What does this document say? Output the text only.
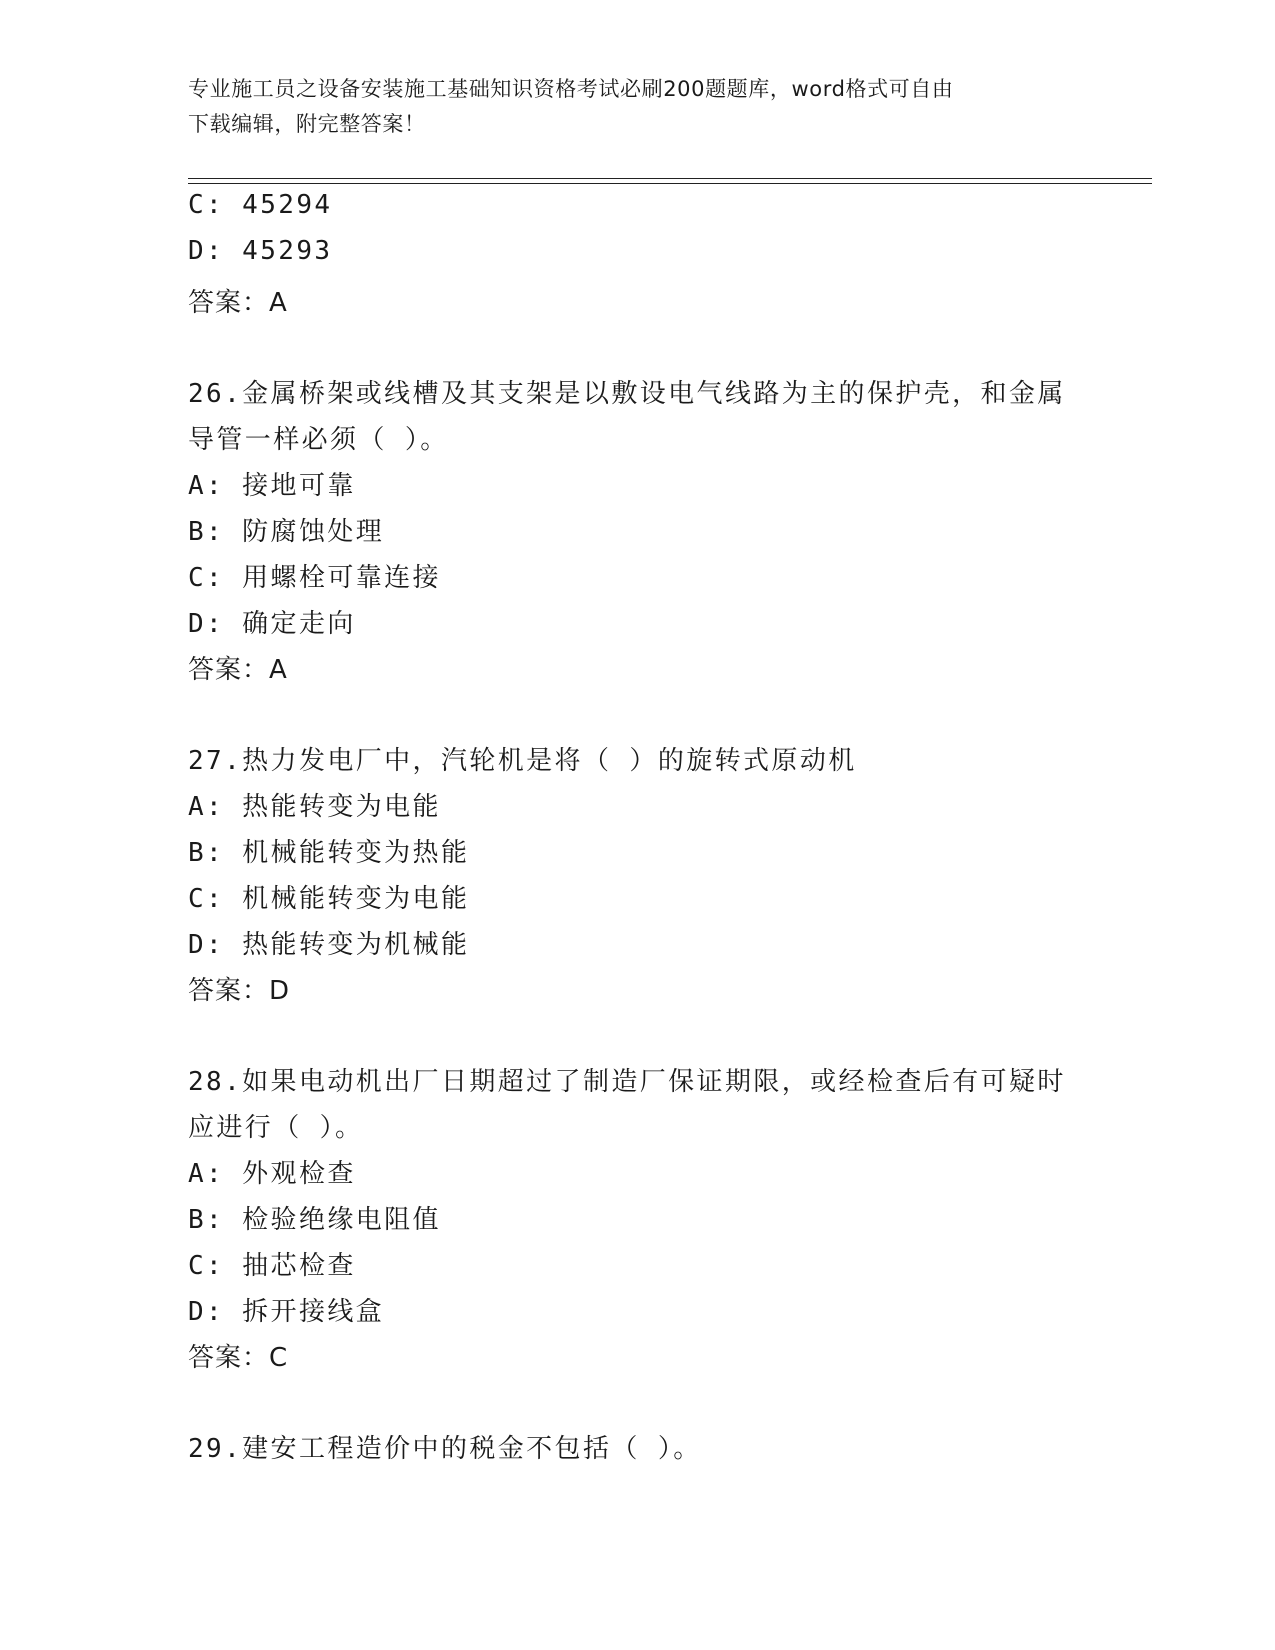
专业施工员之设备安装施工基础知识资格考试必刷200题题库，word格式可自由
下载编辑，附完整答案！
C: 45294
D: 45293
答案：A
26.金属桥架或线槽及其支架是以敷设电气线路为主的保护壳，和金属
导管一样必须（ ）。
A: 接地可靠
B: 防腐蚀处理
C: 用螺栓可靠连接
D: 确定走向
答案：A
27.热力发电厂中，汽轮机是将（ ）的旋转式原动机
A: 热能转变为电能
B: 机械能转变为热能
C: 机械能转变为电能
D: 热能转变为机械能
答案：D
28.如果电动机出厂日期超过了制造厂保证期限，或经检查后有可疑时
应进行（ ）。
A: 外观检查
B: 检验绝缘电阻值
C: 抽芯检查
D: 拆开接线盒
答案：C
29.建安工程造价中的税金不包括（ ）。
